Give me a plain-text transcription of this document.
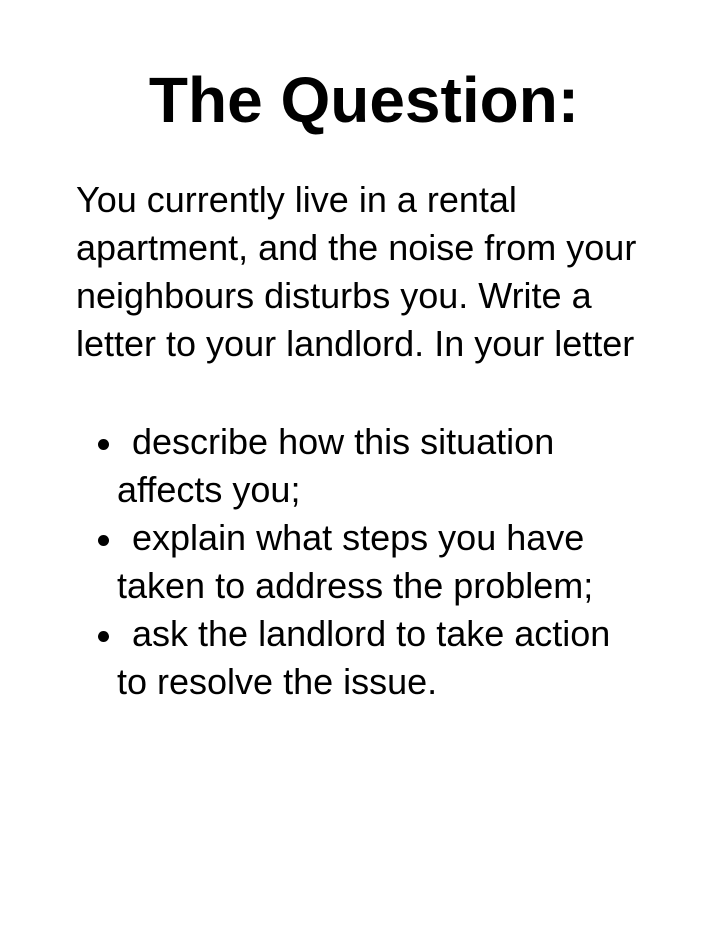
The Question:
You currently live in a rental
apartment, and the noise from your
neighbours disturbs you. Write a
letter to your landlord. In your letter
describe how this situation
affects you;
explain what steps you have
taken to address the problem;
ask the landlord to take action
to resolve the issue.
